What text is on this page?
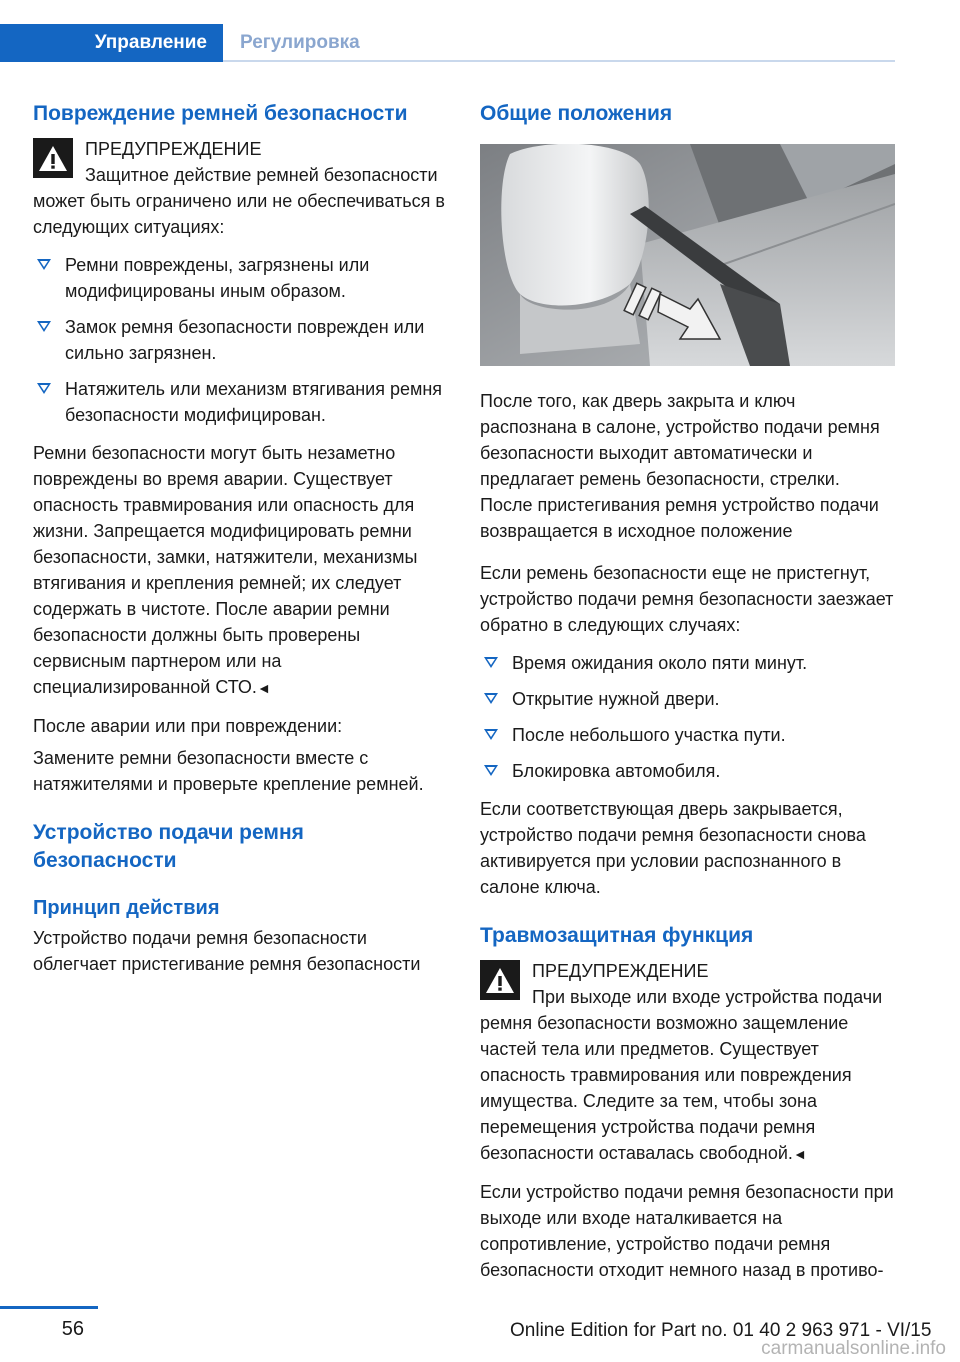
Управление	Регулировка
Повреждение ремней безопасности
ПРЕДУПРЕЖДЕНИЕ

Защитное действие ремней безопасности может быть ограничено или не обеспечиваться в следующих ситуациях:

Ремни повреждены, загрязнены или модифицированы иным образом.
Замок ремня безопасности поврежден или сильно загрязнен.
Натяжитель или механизм втягивания ремня безопасности модифицирован.

Ремни безопасности могут быть незаметно повреждены во время аварии. Существует опасность травмирования или опасность для жизни. Запрещается модифицировать ремни безопасности, замки, натяжители, механизмы втягивания и крепления ремней; их следует содержать в чистоте. После аварии ремни безопасности должны быть проверены сервисным партнером или на специализированной СТО.◄

После аварии или при повреждении:

Замените ремни безопасности вместе с натяжителями и проверьте крепление ремней.

Устройство подачи ремня безопасности
Принцип действия

Устройство подачи ремня безопасности облегчает пристегивание ремня безопасности

Общие положения

После того, как дверь закрыта и ключ распознана в салоне, устройство подачи ремня безопасности выходит автоматически и предлагает ремень безопасности, стрелки. После пристегивания ремня устройство подачи возвращается в исходное положение

Если ремень безопасности еще не пристегнут, устройство подачи ремня безопасности заезжает обратно в следующих случаях:

Время ожидания около пяти минут.
Открытие нужной двери.
После небольшого участка пути.
Блокировка автомобиля.

Если соответствующая дверь закрывается, устройство подачи ремня безопасности снова активируется при условии распознанного в салоне ключа.

Травмозащитная функция
ПРЕДУПРЕЖДЕНИЕ

При выходе или входе устройства подачи ремня безопасности возможно защемление частей тела или предметов. Существует опасность травмирования или повреждения имущества. Следите за тем, чтобы зона перемещения устройства подачи ремня безопасности оставалась свободной.◄

Если устройство подачи ремня безопасности при выходе или входе наталкивается на сопротивление, устройство подачи ремня безопасности отходит немного назад в противо-

56	Online Edition for Part no. 01 40 2 963 971 - VI/15
carmanualsonline.info
